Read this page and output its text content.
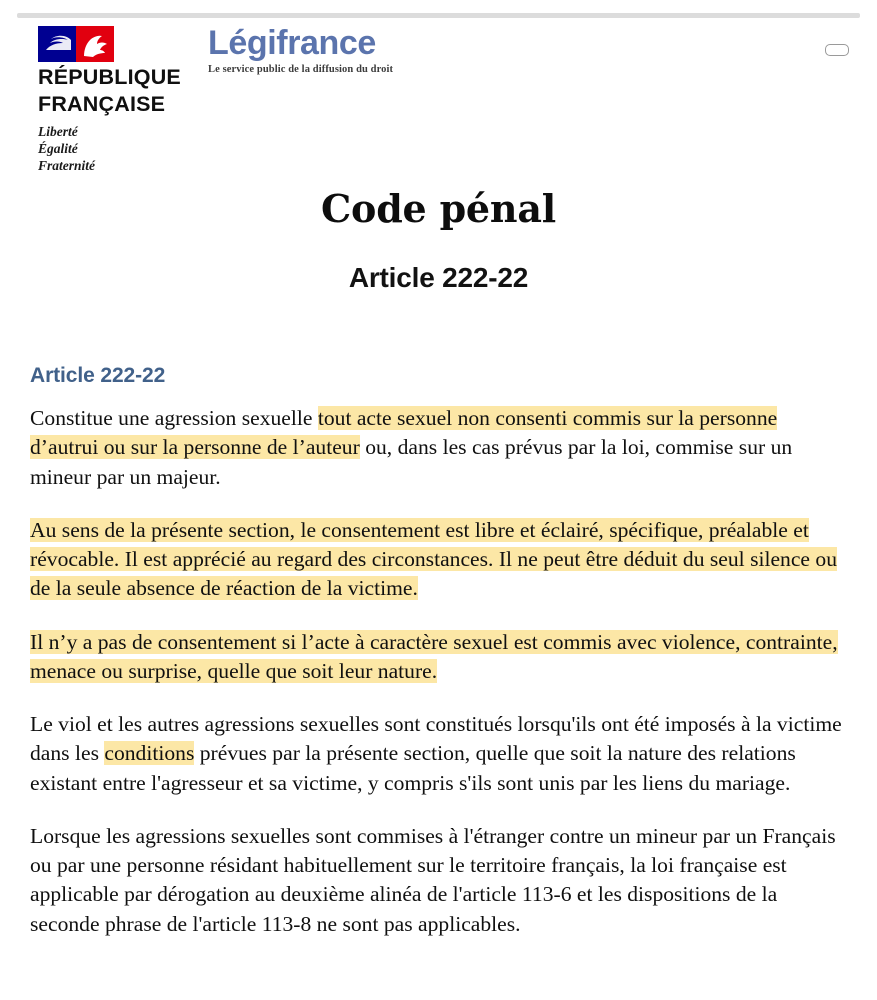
RÉPUBLIQUE
FRANÇAISE
Liberté
Égalité
Fraternité
Légifrance
Le service public de la diffusion du droit
Code pénal
Article 222-22
Article 222-22

Constitue une agression sexuelle tout acte sexuel non consenti commis sur la personne d’autrui ou sur la personne de l’auteur ou, dans les cas prévus par la loi, commise sur un mineur par un majeur.

Au sens de la présente section, le consentement est libre et éclairé, spécifique, préalable et révocable. Il est apprécié au regard des circonstances. Il ne peut être déduit du seul silence ou de la seule absence de réaction de la victime.

Il n’y a pas de consentement si l’acte à caractère sexuel est commis avec violence, contrainte, menace ou surprise, quelle que soit leur nature.

Le viol et les autres agressions sexuelles sont constitués lorsqu'ils ont été imposés à la victime dans les conditions prévues par la présente section, quelle que soit la nature des relations existant entre l'agresseur et sa victime, y compris s'ils sont unis par les liens du mariage.

Lorsque les agressions sexuelles sont commises à l'étranger contre un mineur par un Français ou par une personne résidant habituellement sur le territoire français, la loi française est applicable par dérogation au deuxième alinéa de l'article 113-6 et les dispositions de la seconde phrase de l'article 113-8 ne sont pas applicables.
